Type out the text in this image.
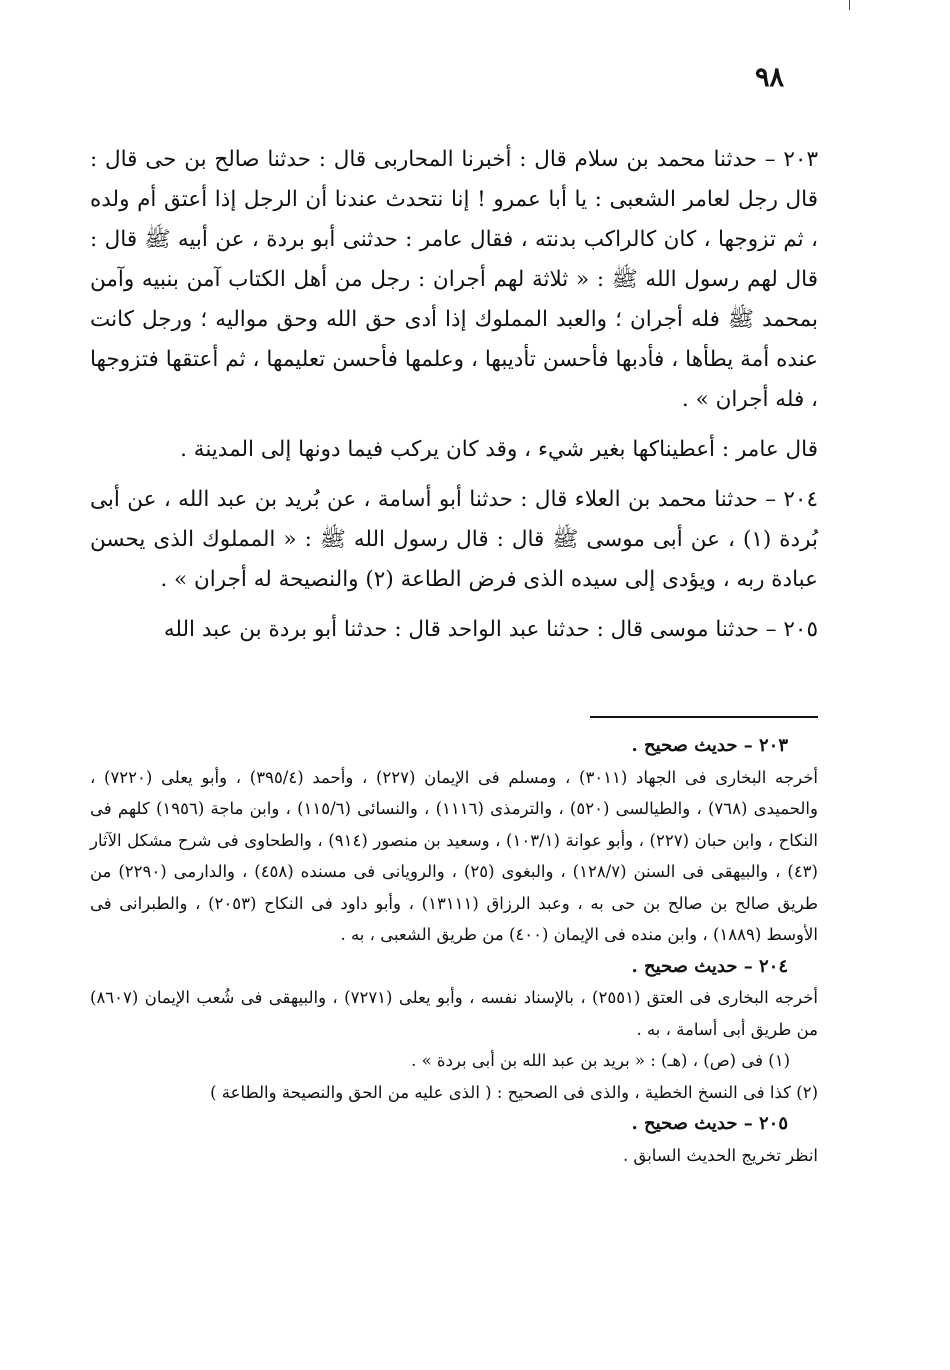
٩٨

٢٠٣ – حدثنا محمد بن سلام قال : أخبرنا المحاربى قال : حدثنا صالح بن حى قال : قال رجل لعامر الشعبى : يا أبا عمرو ! إنا نتحدث عندنا أن الرجل إذا أعتق أم ولده ، ثم تزوجها ، كان كالراكب بدنته ، فقال عامر : حدثنى أبو بردة ، عن أبيه ﷺ قال : قال لهم رسول الله ﷺ : « ثلاثة لهم أجران : رجل من أهل الكتاب آمن بنبيه وآمن بمحمد ﷺ فله أجران ؛ والعبد المملوك إذا أدى حق الله وحق مواليه ؛ ورجل كانت عنده أمة يطأها ، فأدبها فأحسن تأديبها ، وعلمها فأحسن تعليمها ، ثم أعتقها فتزوجها ، فله أجران » .

قال عامر : أعطيناكها بغير شيء ، وقد كان يركب فيما دونها إلى المدينة .

٢٠٤ – حدثنا محمد بن العلاء قال : حدثنا أبو أسامة ، عن بُريد بن عبد الله ، عن أبى بُردة (١) ، عن أبى موسى ﷺ قال : قال رسول الله ﷺ : « المملوك الذى يحسن عبادة ربه ، ويؤدى إلى سيده الذى فرض الطاعة (٢) والنصيحة له أجران » .

٢٠٥ – حدثنا موسى قال : حدثنا عبد الواحد قال : حدثنا أبو بردة بن عبد الله

٢٠٣ – حديث صحيح .

أخرجه البخارى فى الجهاد (٣٠١١) ، ومسلم فى الإيمان (٢٢٧) ، وأحمد (٣٩٥/٤) ، وأبو يعلى (٧٢٢٠) ، والحميدى (٧٦٨) ، والطيالسى (٥٢٠) ، والترمذى (١١١٦) ، والنسائى (١١٥/٦) ، وابن ماجة (١٩٥٦) كلهم فى النكاح ، وابن حبان (٢٢٧) ، وأبو عوانة (١٠٣/١) ، وسعيد بن منصور (٩١٤) ، والطحاوى فى شرح مشكل الآثار (٤٣) ، والبيهقى فى السنن (١٢٨/٧) ، والبغوى (٢٥) ، والرويانى فى مسنده (٤٥٨) ، والدارمى (٢٢٩٠) من طريق صالح بن صالح بن حى به ، وعبد الرزاق (١٣١١١) ، وأبو داود فى النكاح (٢٠٥٣) ، والطبرانى فى الأوسط (١٨٨٩) ، وابن منده فى الإيمان (٤٠٠) من طريق الشعبى ، به .

٢٠٤ – حديث صحيح .

أخرجه البخارى فى العتق (٢٥٥١) ، بالإسناد نفسه ، وأبو يعلى (٧٢٧١) ، والبيهقى فى شُعب الإيمان (٨٦٠٧) من طريق أبى أسامة ، به .

(١) فى (ص) ، (هـ) : « بريد بن عبد الله بن أبى بردة » .

(٢) كذا فى النسخ الخطية ، والذى فى الصحيح : ( الذى عليه من الحق والنصيحة والطاعة )

٢٠٥ – حديث صحيح .

انظر تخريج الحديث السابق .
